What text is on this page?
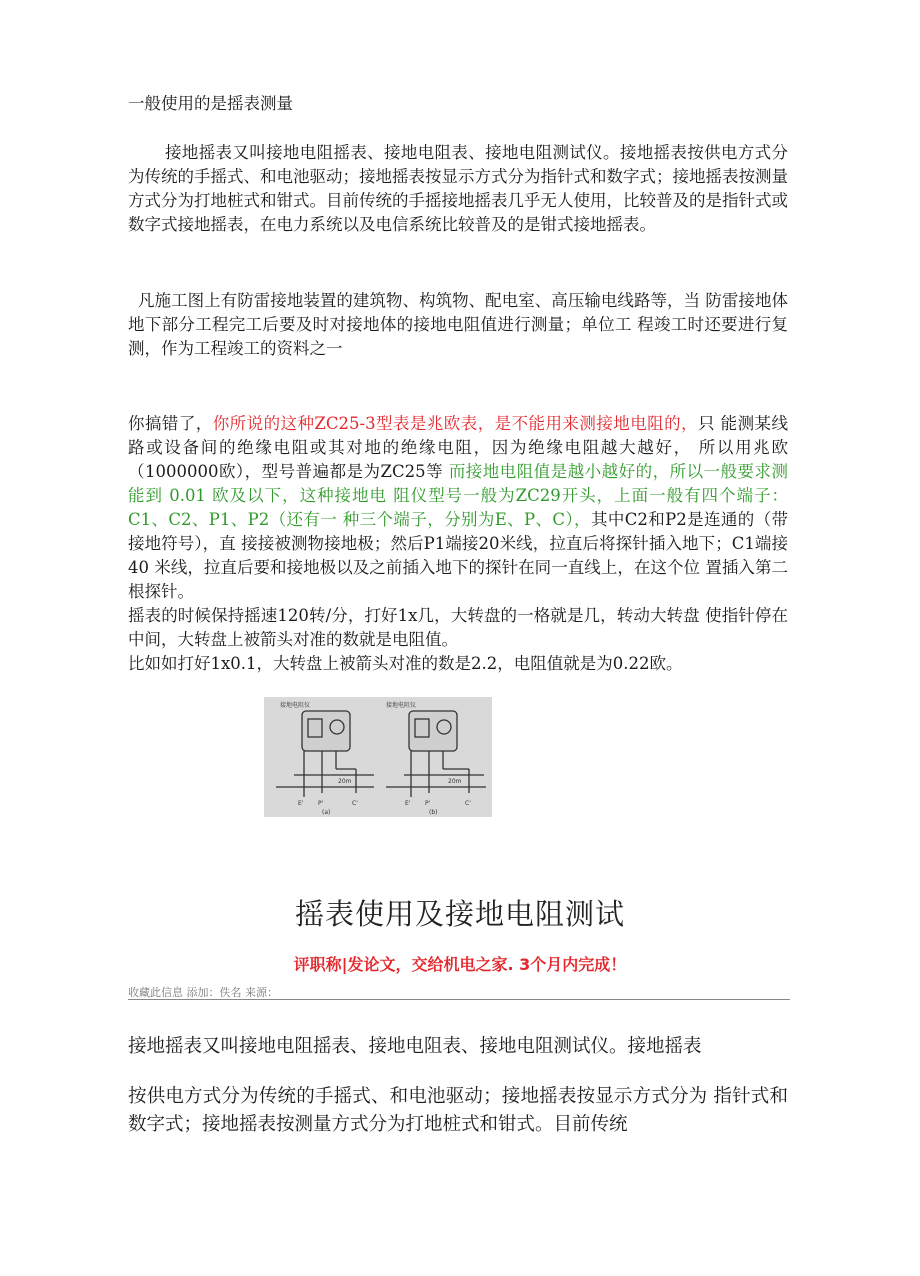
一般使用的是摇表测量

接地摇表又叫接地电阻摇表、接地电阻表、接地电阻测试仪。接地摇表按供电方式分为传统的手摇式、和电池驱动；接地摇表按显示方式分为指针式和数字式；接地摇表按测量方式分为打地桩式和钳式。目前传统的手摇接地摇表几乎无人使用，比较普及的是指针式或数字式接地摇表，在电力系统以及电信系统比较普及的是钳式接地摇表。

凡施工图上有防雷接地装置的建筑物、构筑物、配电室、高压输电线路等，当 防雷接地体地下部分工程完工后要及时对接地体的接地电阻值进行测量；单位工 程竣工时还要进行复测，作为工程竣工的资料之一

你搞错了，你所说的这种ZC25-3型表是兆欧表，是不能用来测接地电阻的，只 能测某线路或设备间的绝缘电阻或其对地的绝缘电阻，因为绝缘电阻越大越好， 所以用兆欧（1000000欧），型号普遍都是为ZC25等 而接地电阻值是越小越好的，所以一般要求测能到 0.01 欧及以下，这种接地电 阻仪型号一般为ZC29开头，上面一般有四个端子：C1、C2、P1、P2（还有一 种三个端子，分别为E、P、C），其中C2和P2是连通的（带接地符号），直 接接被测物接地极；然后P1端接20米线，拉直后将探针插入地下；C1端接 40 米线，拉直后要和接地极以及之前插入地下的探针在同一直线上，在这个位 置插入第二根探针。

摇表的时候保持摇速120转/分，打好1x几，大转盘的一格就是几，转动大转盘 使指针停在中间，大转盘上被箭头对准的数就是电阻值。

比如如打好1x0.1，大转盘上被箭头对准的数是2.2，电阻值就是为0.22欧。

接地电阻仪	接地电阻仪
20m	20m
E' P'	C'	E' P'	C'
(a)	(b)
摇表使用及接地电阻测试
评职称|发论文，交给机电之家. 3个月内完成！
收藏此信息 添加：佚名 来源：

接地摇表又叫接地电阻摇表、接地电阻表、接地电阻测试仪。接地摇表

按供电方式分为传统的手摇式、和电池驱动；接地摇表按显示方式分为 指针式和数字式；接地摇表按测量方式分为打地桩式和钳式。目前传统
